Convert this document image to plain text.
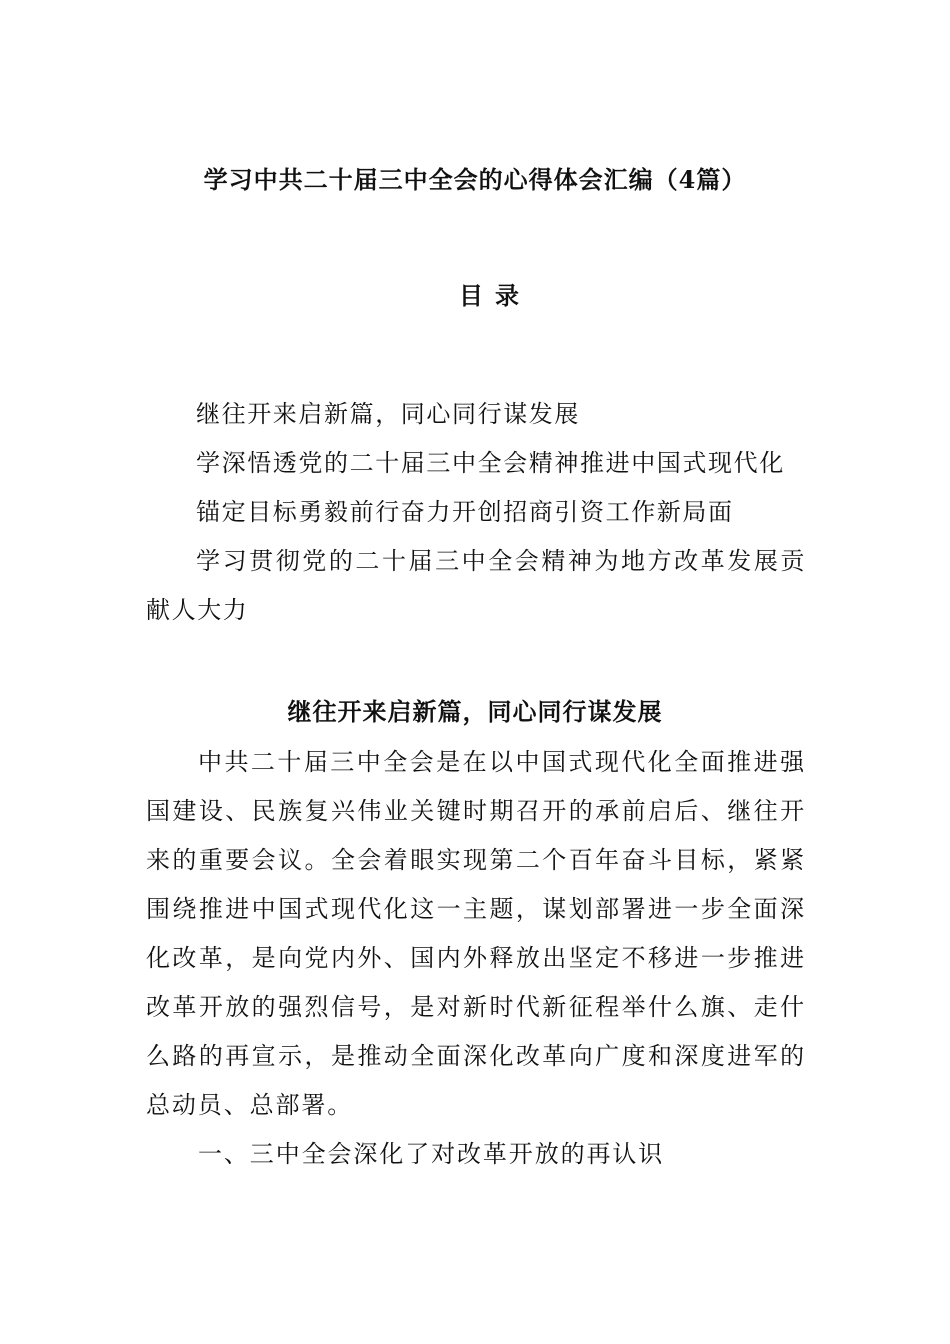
学习中共二十届三中全会的心得体会汇编（4篇）
目录
继往开来启新篇，同心同行谋发展
学深悟透党的二十届三中全会精神推进中国式现代化
锚定目标勇毅前行奋力开创招商引资工作新局面
学习贯彻党的二十届三中全会精神为地方改革发展贡献人大力
继往开来启新篇，同心同行谋发展

中共二十届三中全会是在以中国式现代化全面推进强国建设、民族复兴伟业关键时期召开的承前启后、继往开来的重要会议。全会着眼实现第二个百年奋斗目标，紧紧围绕推进中国式现代化这一主题，谋划部署进一步全面深化改革，是向党内外、国内外释放出坚定不移进一步推进改革开放的强烈信号，是对新时代新征程举什么旗、走什么路的再宣示，是推动全面深化改革向广度和深度进军的总动员、总部署。

一、三中全会深化了对改革开放的再认识
